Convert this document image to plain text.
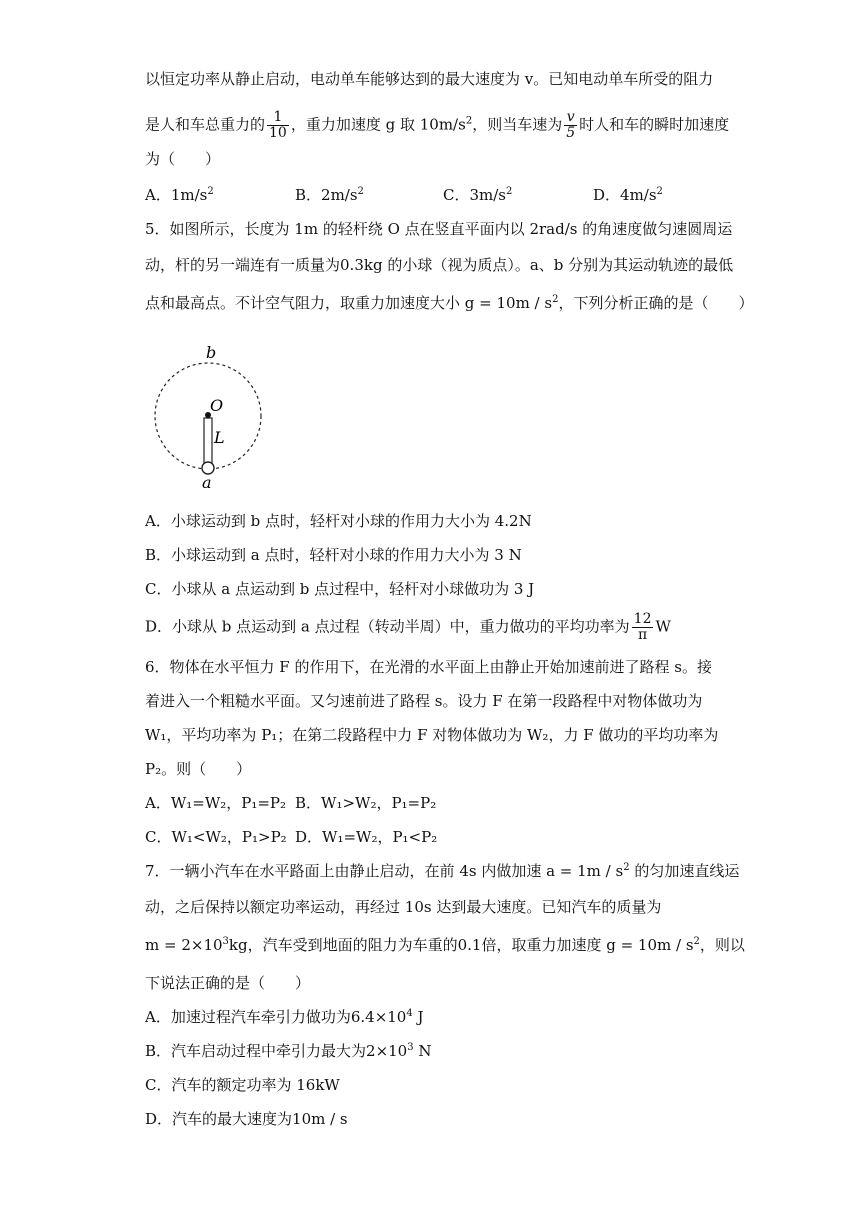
以恒定功率从静止启动，电动单车能够达到的最大速度为 v。已知电动单车所受的阻力
是人和车总重力的 $\frac{1}{10}$ ，重力加速度 g 取 $10m/s^2$，则当车速为 $\frac{v}{5}$ 时人和车的瞬时加速度
为（　　）
A．$1m/s^2$	B．$2m/s^2$	C．$3m/s^2$	D．$4m/s^2$
5．如图所示，长度为 1m 的轻杆绕 O 点在竖直平面内以 2rad/s 的角速度做匀速圆周运
动，杆的另一端连有一质量为0.3kg 的小球（视为质点）。a、b 分别为其运动轨迹的最低
点和最高点。不计空气阻力，取重力加速度大小 $g = 10m / s^2$，下列分析正确的是（　　）
b
O
L
a
A．小球运动到 b 点时，轻杆对小球的作用力大小为 4.2N
B．小球运动到 a 点时，轻杆对小球的作用力大小为 3 N
C．小球从 a 点运动到 b 点过程中，轻杆对小球做功为 3 J
D．小球从 b 点运动到 a 点过程（转动半周）中，重力做功的平均功率为 $\frac{12}{\pi}$ W
6．物体在水平恒力 F 的作用下，在光滑的水平面上由静止开始加速前进了路程 s。接
着进入一个粗糙水平面。又匀速前进了路程 s。设力 F 在第一段路程中对物体做功为
W₁，平均功率为 P₁；在第二段路程中力 F 对物体做功为 W₂，力 F 做功的平均功率为
P₂。则（　　）
A．W₁=W₂，P₁=P₂ B．W₁>W₂，P₁=P₂
C．W₁<W₂，P₁>P₂ D．W₁=W₂，P₁<P₂
7．一辆小汽车在水平路面上由静止启动，在前 4s 内做加速 $a = 1m / s^2$ 的匀加速直线运
动，之后保持以额定功率运动，再经过 10s 达到最大速度。已知汽车的质量为
$m = 2\times 10^3kg$，汽车受到地面的阻力为车重的0.1倍，取重力加速度 $g = 10m / s^2$，则以
下说法正确的是（　　）
A．加速过程汽车牵引力做功为$6.4\times 10^4$ J
B．汽车启动过程中牵引力最大为$2\times 10^3$ N
C．汽车的额定功率为 16kW
D．汽车的最大速度为10m / s
